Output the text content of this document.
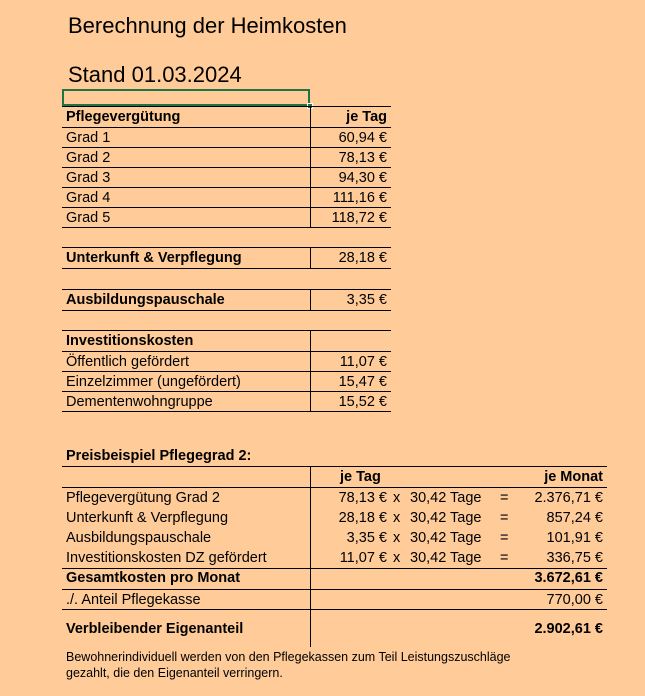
Berechnung der Heimkosten
Stand 01.03.2024
Pflegevergütung	je Tag
Grad 1	60,94 €
Grad 2	78,13 €
Grad 3	94,30 €
Grad 4	111,16 €
Grad 5	118,72 €
Unterkunft & Verpflegung	28,18 €
Ausbildungspauschale	3,35 €
Investitionskosten
Öffentlich gefördert	11,07 €
Einzelzimmer (ungefördert)	15,47 €
Dementenwohngruppe	15,52 €
Preisbeispiel Pflegegrad 2:
je Tag	je Monat
Pflegevergütung Grad 2	78,13 € x 30,42 Tage =	2.376,71 €
Unterkunft & Verpflegung	28,18 € x 30,42 Tage =	857,24 €
Ausbildungspauschale	3,35 € x 30,42 Tage =	101,91 €
Investitionskosten DZ gefördert	11,07 € x 30,42 Tage =	336,75 €
Gesamtkosten pro Monat	3.672,61 €
./. Anteil Pflegekasse	770,00 €
Verbleibender Eigenanteil	2.902,61 €
Bewohnerindividuell werden von den Pflegekassen zum Teil Leistungszuschläge
gezahlt, die den Eigenanteil verringern.
